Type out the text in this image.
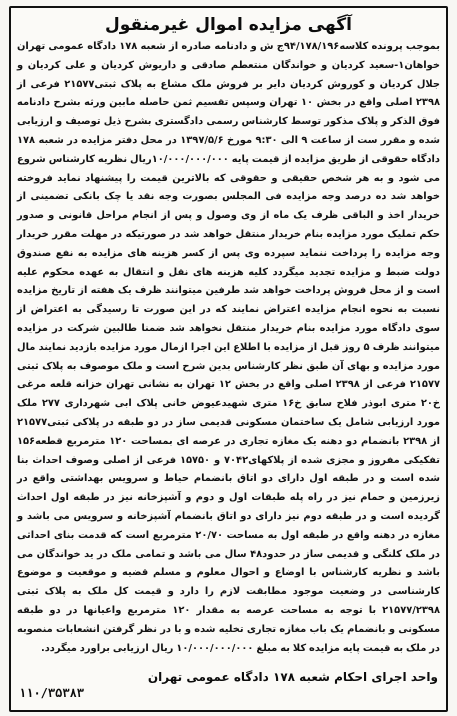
آگهی مزایده اموال غیرمنقول

بموجب پرونده کلاسه۹۴/۱۷۸/۱۹۶ج ش و دادنامه صادره از شعبه ۱۷۸ دادگاه عمومی تهران خواهان۱-سعید کردیان و خواندگان منتعطم صادقی و داریوش کردیان و علی کردیان و جلال کردیان و کوروش کردیان دایر بر فروش ملک مشاع به پلاک ثبتی۲۱۵۷۷ فرعی از ۲۳۹۸ اصلی واقع در بخش ۱۰ تهران وسپس تقسیم ثمن حاصله مابین ورثه بشرح دادنامه فوق الذکر و پلاک مذکور توسط کارشناس رسمی دادگستری بشرح ذیل توصیف و ارزیابی شده و مقرر ست از ساعت ۹ الی ۹:۳۰ مورخ ۱۳۹۷/۵/۶ در محل دفتر مزایده در شعبه ۱۷۸ دادگاه حقوقی از طریق مزایده از قیمت پایه ۱۰/۰۰۰/۰۰۰/۰۰۰ریال نظریه کارشناس شروع می شود و به هر شخص حقیقی و حقوقی که بالاترین قیمت را پیشنهاد نماید فروخته خواهد شد ده درصد وجه مزایده فی المجلس بصورت وجه نقد یا چک بانکی تضمینی از خریدار اخذ و الباقی ظرف یک ماه از وی وصول و پس از انجام مراحل قانونی و صدور حکم تملیک مورد مزایده بنام خریدار منتقل خواهد شد در صورتیکه در مهلت مقرر خریدار وجه مزایده را پرداخت ننماید سپرده وی پس از کسر هزینه های مزایده به نفع صندوق دولت ضبط و مزایده تجدید میگردد کلیه هزینه های نقل و انتقال به عهده محکوم علیه است و از محل فروش پرداخت خواهد شد طرفین میتوانند ظرف یک هفته از تاریخ مزایده نسبت به نحوه انجام مزایده اعتراض نمایند که در این صورت تا رسیدگی به اعتراض از سوی دادگاه مورد مزایده بنام خریدار منتقل نخواهد شد ضمنا طالبین شرکت در مزایده میتوانند ظرف ۵ روز قبل از مزایده با اطلاع این اجرا ازمال مورد مزایده بازدید نمایند مال مورد مزایده و بهای آن طبق نظر کارشناس بدین شرح است و ملک موصوف به پلاک ثبتی ۲۱۵۷۷ فرعی از ۲۳۹۸ اصلی واقع در بخش ۱۲ تهران به نشانی تهران خزانه قلعه مرغی خ۲۰ متری ابوذر فلاح سابق خ۱۶ متری شهیدعیوض خانی پلاک ابی شهرداری ۲۷۷ ملک مورد ارزیابی شامل یک ساختمان مسکونی قدیمی ساز در دو طبقه در پلاکی ثبتی۲۱۵۷۷ از ۲۳۹۸ بانضمام دو دهنه یک مغازه تجاری در عرصه ای بمساحت ۱۲۰ مترمربع قطعه۱۵۶ تفکیکی مفروز و مجزی شده از پلاکهای۷۰۴۲ و ۱۵۷۵۰ فرعی از اصلی وصوف احداث بنا شده است و در طبقه اول دارای دو اتاق بانضمام حیاط و سرویس بهداشتی واقع در زیرزمین و حمام نیز در راه پله طبقات اول و دوم و آشپزخانه نیز در طبقه اول احداث گردیده است و در طبقه دوم نیز دارای دو اتاق بانضمام آشپزخانه و سرویس می باشد و مغازه در دهنه واقع در طبقه اول به مساحت ۲۰/۷۰ مترمربع است که قدمت بنای احداثی در ملک کلنگی و قدیمی ساز در حدود۴۸ سال می باشد و تمامی ملک در ید خواندگان می باشد و نظریه کارشناس با اوضاع و احوال معلوم و مسلم قضیه و موقعیت و موضوع کارشناسی در وضعیت موجود مطابقت لازم را دارد و قیمت کل ملک به پلاک ثبتی ۲۱۵۷۷/۲۳۹۸ با توجه به مساحت عرصه به مقدار ۱۲۰ مترمربع واعیانها در دو طبقه مسکونی و بانضمام یک باب مغازه تجاری تخلیه شده و با در نظر گرفتن انشعابات منصوبه در ملک به قیمت پایه مزایده کلا به مبلغ ۱۰/۰۰۰/۰۰۰/۰۰۰ ریال ارزیابی براورد میگردد.

واحد اجرای احکام شعبه ۱۷۸ دادگاه عمومی تهران
۱۱۰/۳۵۳۸۳
